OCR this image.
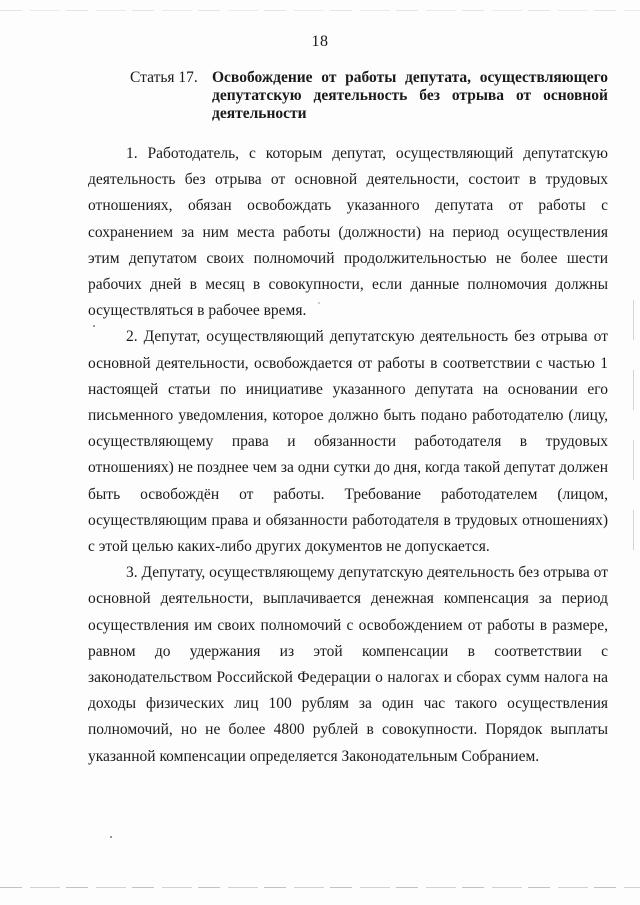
18
Статья 17. Освобождение от работы депутата, осуществляющего депутатскую деятельность без отрыва от основной деятельности

1. Работодатель, с которым депутат, осуществляющий депутатскую деятельность без отрыва от основной деятельности, состоит в трудовых отношениях, обязан освобождать указанного депутата от работы с сохранением за ним места работы (должности) на период осуществления этим депутатом своих полномочий продолжительностью не более шести рабочих дней в месяц в совокупности, если данные полномочия должны осуществляться в рабочее время.

2. Депутат, осуществляющий депутатскую деятельность без отрыва от основной деятельности, освобождается от работы в соответствии с частью 1 настоящей статьи по инициативе указанного депутата на основании его письменного уведомления, которое должно быть подано работодателю (лицу, осуществляющему права и обязанности работодателя в трудовых отношениях) не позднее чем за одни сутки до дня, когда такой депутат должен быть освобождён от работы. Требование работодателем (лицом, осуществляющим права и обязанности работодателя в трудовых отношениях) с этой целью каких-либо других документов не допускается.

3. Депутату, осуществляющему депутатскую деятельность без отрыва от основной деятельности, выплачивается денежная компенсация за период осуществления им своих полномочий с освобождением от работы в размере, равном до удержания из этой компенсации в соответствии с законодательством Российской Федерации о налогах и сборах сумм налога на доходы физических лиц 100 рублям за один час такого осуществления полномочий, но не более 4800 рублей в совокупности. Порядок выплаты указанной компенсации определяется Законодательным Собранием.
